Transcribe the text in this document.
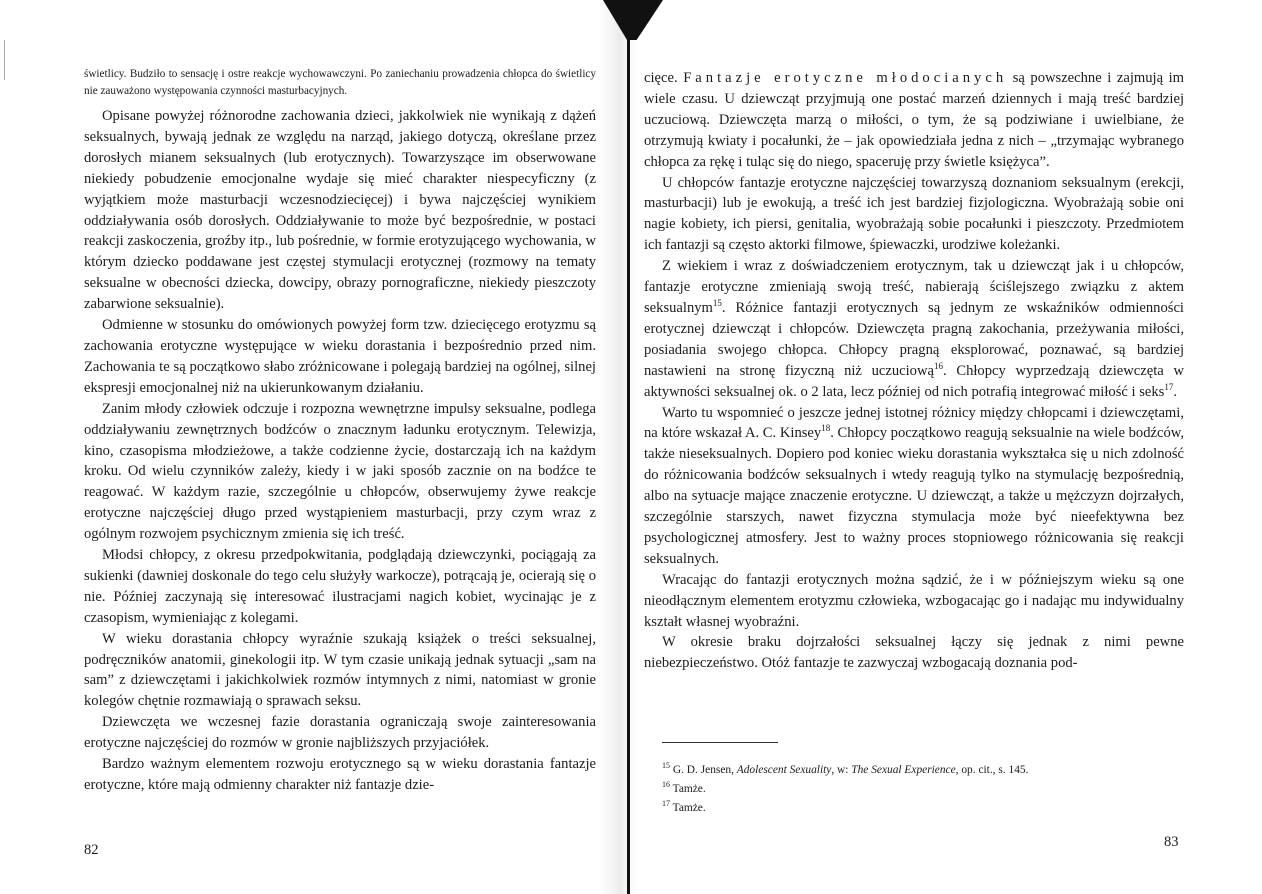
świetlicy. Budziło to sensację i ostre reakcje wychowawczyni. Po zaniechaniu prowadzenia chłopca do świetlicy nie zauważono występowania czynności masturbacyjnych.

Opisane powyżej różnorodne zachowania dzieci, jakkolwiek nie wynikają z dążeń seksualnych, bywają jednak ze względu na narząd, jakiego dotyczą, określane przez dorosłych mianem seksualnych (lub erotycznych). Towarzyszące im obserwowane niekiedy pobudzenie emocjonalne wydaje się mieć charakter niespecyficzny (z wyjątkiem może masturbacji wczesnodziecięcej) i bywa najczęściej wynikiem oddziaływania osób dorosłych. Oddziaływanie to może być bezpośrednie, w postaci reakcji zaskoczenia, groźby itp., lub pośrednie, w formie erotyzującego wychowania, w którym dziecko poddawane jest częstej stymulacji erotycznej (rozmowy na tematy seksualne w obecności dziecka, dowcipy, obrazy pornograficzne, niekiedy pieszczoty zabarwione seksualnie).

Odmienne w stosunku do omówionych powyżej form tzw. dziecięcego erotyzmu są zachowania erotyczne występujące w wieku dorastania i bezpośrednio przed nim. Zachowania te są początkowo słabo zróżnicowane i polegają bardziej na ogólnej, silnej ekspresji emocjonalnej niż na ukierunkowanym działaniu.

Zanim młody człowiek odczuje i rozpozna wewnętrzne impulsy seksualne, podlega oddziaływaniu zewnętrznych bodźców o znacznym ładunku erotycznym. Telewizja, kino, czasopisma młodzieżowe, a także codzienne życie, dostarczają ich na każdym kroku. Od wielu czynników zależy, kiedy i w jaki sposób zacznie on na bodźce te reagować. W każdym razie, szczególnie u chłopców, obserwujemy żywe reakcje erotyczne najczęściej długo przed wystąpieniem masturbacji, przy czym wraz z ogólnym rozwojem psychicznym zmienia się ich treść.

Młodsi chłopcy, z okresu przedpokwitania, podglądają dziewczynki, pociągają za sukienki (dawniej doskonale do tego celu służyły warkocze), potrącają je, ocierają się o nie. Później zaczynają się interesować ilustracjami nagich kobiet, wycinając je z czasopism, wymieniając z kolegami.

W wieku dorastania chłopcy wyraźnie szukają książek o treści seksualnej, podręczników anatomii, ginekologii itp. W tym czasie unikają jednak sytuacji „sam na sam” z dziewczętami i jakichkolwiek rozmów intymnych z nimi, natomiast w gronie kolegów chętnie rozmawiają o sprawach seksu.

Dziewczęta we wczesnej fazie dorastania ograniczają swoje zainteresowania erotyczne najczęściej do rozmów w gronie najbliższych przyjaciółek.

Bardzo ważnym elementem rozwoju erotycznego są w wieku dorastania fantazje erotyczne, które mają odmienny charakter niż fantazje dzie-

82

cięce. Fantazje erotyczne młodocianych są powszechne i zajmują im wiele czasu. U dziewcząt przyjmują one postać marzeń dziennych i mają treść bardziej uczuciową. Dziewczęta marzą o miłości, o tym, że są podziwiane i uwielbiane, że otrzymują kwiaty i pocałunki, że – jak opowiedziała jedna z nich – „trzymając wybranego chłopca za rękę i tuląc się do niego, spaceruję przy świetle księżyca”.

U chłopców fantazje erotyczne najczęściej towarzyszą doznaniom seksualnym (erekcji, masturbacji) lub je ewokują, a treść ich jest bardziej fizjologiczna. Wyobrażają sobie oni nagie kobiety, ich piersi, genitalia, wyobrażają sobie pocałunki i pieszczoty. Przedmiotem ich fantazji są często aktorki filmowe, śpiewaczki, urodziwe koleżanki.

Z wiekiem i wraz z doświadczeniem erotycznym, tak u dziewcząt jak i u chłopców, fantazje erotyczne zmieniają swoją treść, nabierają ściślejszego związku z aktem seksualnym$^{15}$. Różnice fantazji erotycznych są jednym ze wskaźników odmienności erotycznej dziewcząt i chłopców. Dziewczęta pragną zakochania, przeżywania miłości, posiadania swojego chłopca. Chłopcy pragną eksplorować, poznawać, są bardziej nastawieni na stronę fizyczną niż uczuciową$^{16}$. Chłopcy wyprzedzają dziewczęta w aktywności seksualnej ok. o 2 lata, lecz później od nich potrafią integrować miłość i seks$^{17}$.

Warto tu wspomnieć o jeszcze jednej istotnej różnicy między chłopcami i dziewczętami, na które wskazał A. C. Kinsey$^{18}$. Chłopcy początkowo reagują seksualnie na wiele bodźców, także nieseksualnych. Dopiero pod koniec wieku dorastania wykształca się u nich zdolność do różnicowania bodźców seksualnych i wtedy reagują tylko na stymulację bezpośrednią, albo na sytuacje mające znaczenie erotyczne. U dziewcząt, a także u mężczyzn dojrzałych, szczególnie starszych, nawet fizyczna stymulacja może być nieefektywna bez psychologicznej atmosfery. Jest to ważny proces stopniowego różnicowania się reakcji seksualnych.

Wracając do fantazji erotycznych można sądzić, że i w późniejszym wieku są one nieodłącznym elementem erotyzmu człowieka, wzbogacając go i nadając mu indywidualny kształt własnej wyobraźni.

W okresie braku dojrzałości seksualnej łączy się jednak z nimi pewne niebezpieczeństwo. Otóż fantazje te zazwyczaj wzbogacają doznania pod-

$^{15}$ G. D. Jensen, Adolescent Sexuality, w: The Sexual Experience, op. cit., s. 145.
$^{16}$ Tamże.
$^{17}$ Tamże.
83
